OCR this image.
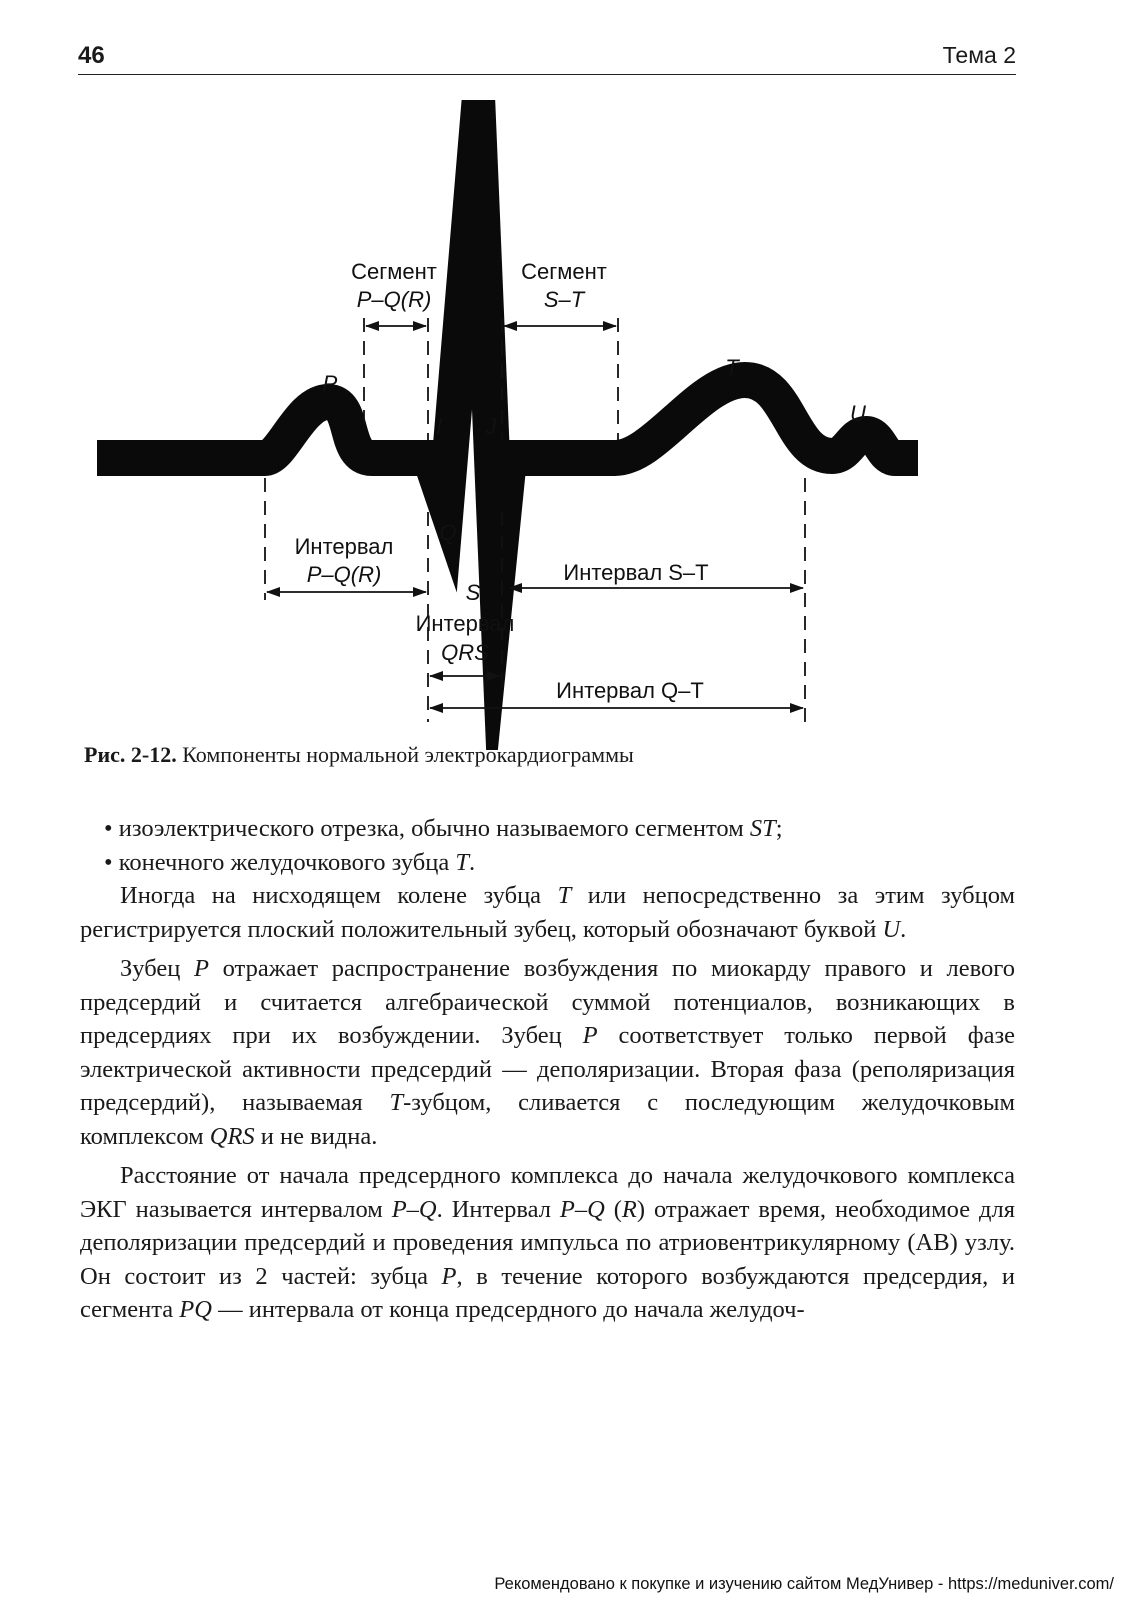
46	Тема 2
Сегмент
P–Q(R)
Сегмент
S–T
P
T
U
I J
Q
S
Интервал
P–Q(R)
Интервал
QRS
Интервал S–T
Интервал Q–T
Рис. 2-12. Компоненты нормальной электрокардиограммы

• изоэлектрического отрезка, обычно называемого сегментом ST;

• конечного желудочкового зубца T.

Иногда на нисходящем колене зубца T или непосредственно за этим зубцом регистрируется плоский положительный зубец, который обозначают буквой U.

Зубец P отражает распространение возбуждения по миокарду правого и левого предсердий и считается алгебраической суммой потенциалов, возникающих в предсердиях при их возбуждении. Зубец P соответствует только первой фазе электрической активности предсердий — деполяризации. Вторая фаза (реполяризация предсердий), называемая T-зубцом, сливается с последующим желудочковым комплексом QRS и не видна.

Расстояние от начала предсердного комплекса до начала желудочкового комплекса ЭКГ называется интервалом P–Q. Интервал P–Q (R) отражает время, необходимое для деполяризации предсердий и проведения импульса по атриовентрикулярному (АВ) узлу. Он состоит из 2 частей: зубца P, в течение которого возбуждаются предсердия, и сегмента PQ — интервала от конца предсердного до начала желудоч-

Рекомендовано к покупке и изучению сайтом МедУнивер - https://meduniver.com/
